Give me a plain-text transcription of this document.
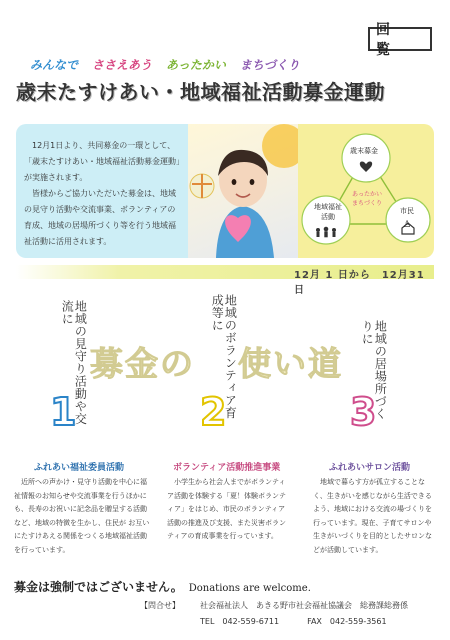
回　覧
みんなで ささえあう あったかい まちづくり
歳末たすけあい・地域福祉活動募金運動

12月1日より、共同募金の一環として、「歳末たすけあい・地域福祉活動募金運動」が実施されます。

皆様からご協力いただいた募金は、地域の見守り活動や交流事業、ボランティアの育成、地域の居場所づくり等を行う地域福祉活動に活用されます。

歳末募金
地域福祉活動
市民
あったかいまちづくり
♙
12月 1 日から　12月31日
地域の見守り活動や交流に	地域のボランティア育成等に
地域の居場所づくりに
募金の 使い道
1	2	3
ふれあい福祉委員活動	ボランティア活動推進事業	ふれあいサロン活動

近所への声かけ・見守り活動を中心に福祉情報のお知らせや交流事業を行うほかにも、長寿のお祝いに記念品を贈呈する活動など、地域の特徴を生かし、住民が お互いにたすけあえる関係をつくる地域福祉活動を行っています。

小学生から社会人までがボランティア活動を体験する「夏！体験ボランティア」をはじめ、市民のボランティア活動の推進及び支援、また災害ボランティアの育成事業を行っています。

地域で暮らす方が孤立することなく、生きがいを感じながら生活できるよう、地域における交流の場づくりを行っています。現在、子育てサロンや生きがいづくりを目的としたサロンなどが活動しています。

募金は強制ではございません。 Donations are welcome.
【問合せ】	社会福祉法人　あきる野市社会福祉協議会　総務課総務係
TEL　042-559-6711	FAX　042-559-3561
